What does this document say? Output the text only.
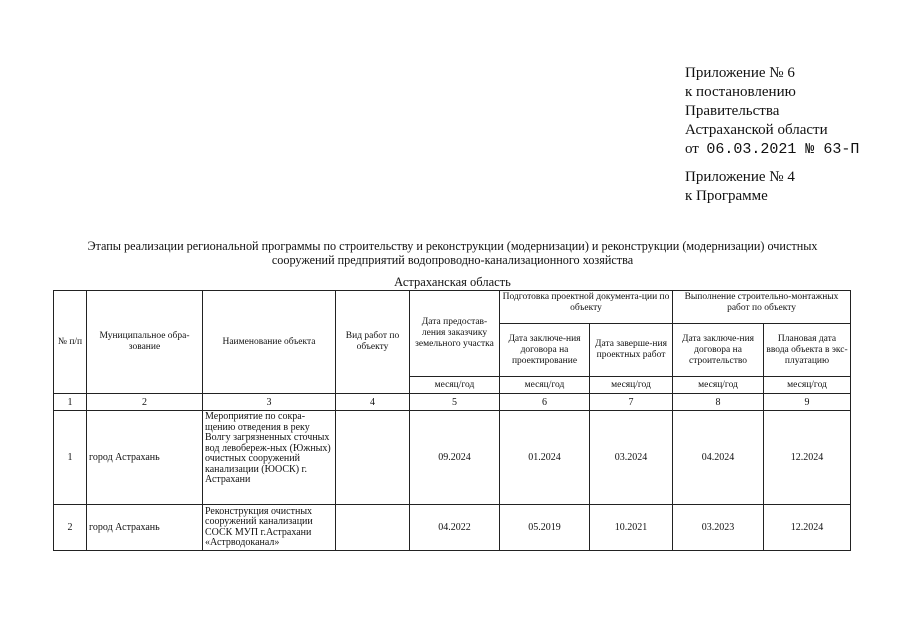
Приложение № 6
к постановлению
Правительства
Астраханской области
от 06.03.2021 № 63-П
Приложение № 4
к Программе
Этапы реализации региональной программы по строительству и реконструкции (модернизации) и реконструкции (модернизации) очистных
сооружений предприятий водопроводно-канализационного хозяйства
Астраханская область
№ п/п	Муниципальное обра-зование	Наименование объекта	Вид работ по объекту	Дата предостав-ления заказчику земельного участка	Подготовка проектной документа-ции по объекту		Выполнение строительно-монтажных работ по объекту	
					Дата заключе-ния договора на проектирование	Дата заверше-ния проектных работ	Дата заключе-ния договора на строительство	Плановая дата ввода объекта в экс-плуатацию
				месяц/год	месяц/год	месяц/год	месяц/год	месяц/год
1	2	3	4	5	6	7	8	9
1	город Астрахань	Мероприятие по сокра-щению отведения в реку Волгу загрязненных сточных вод левобереж-ных (Южных) очистных сооружений канализации (ЮОСК) г. Астрахани		09.2024	01.2024	03.2024	04.2024	12.2024
2	город Астрахань	Реконструкция очистных сооружений канализации СОСК МУП г.Астрахани «Астрводоканал»		04.2022	05.2019	10.2021	03.2023	12.2024
